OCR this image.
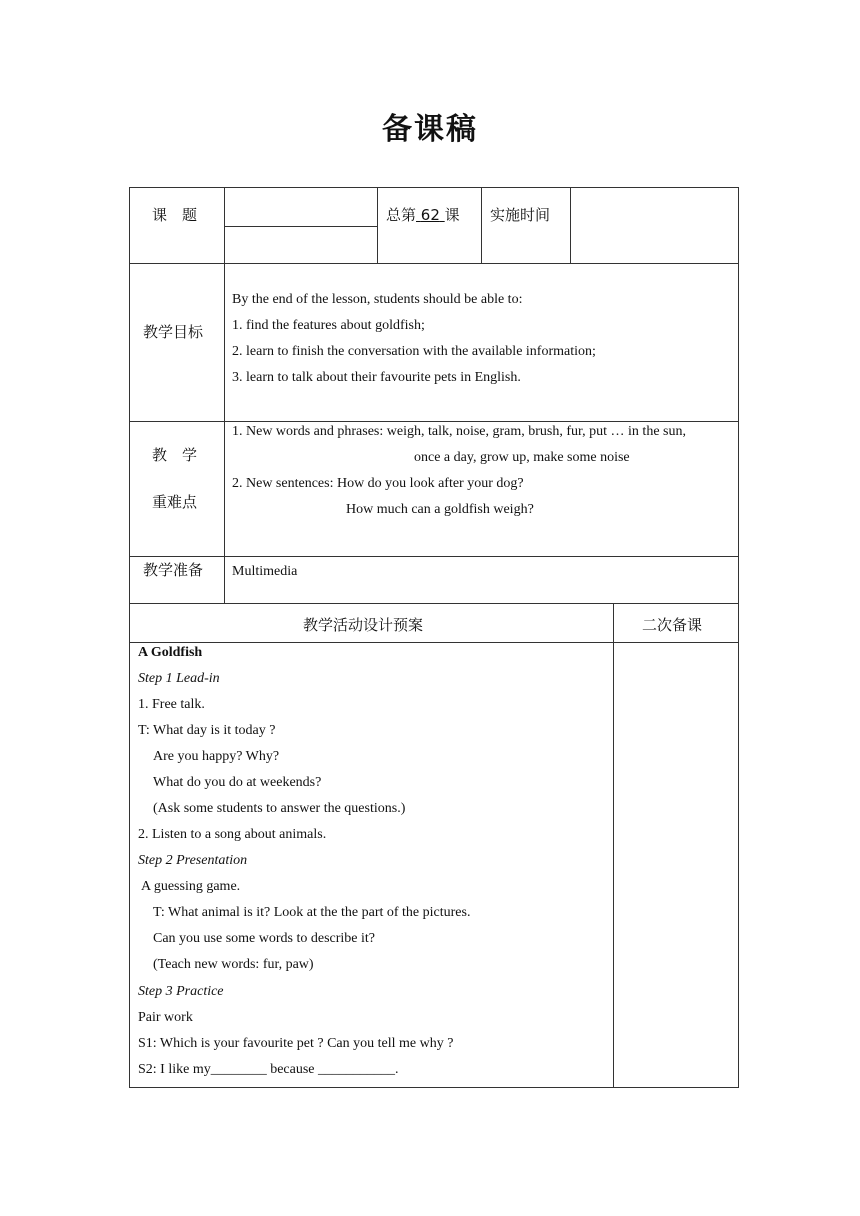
备课稿
课　题	总第 62 课 实施时间
教学目标
By the end of the lesson, students should be able to:
1. find the features about goldfish;
2. learn to finish the conversation with the available information;
3. learn to talk about their favourite pets in English.
教　学
重难点
1. New words and phrases: weigh, talk, noise, gram, brush, fur, put … in the sun,
once a day, grow up, make some noise
2. New sentences: How do you look after your dog?
How much can a goldfish weigh?
教学准备 Multimedia
教学活动设计预案	二次备课
A Goldfish
Step 1 Lead-in
1. Free talk.
T: What day is it today ?
Are you happy? Why?
What do you do at weekends?
(Ask some students to answer the questions.)
2. Listen to a song about animals.
Step 2 Presentation
A guessing game.
T: What animal is it? Look at the the part of the pictures.
Can you use some words to describe it?
(Teach new words: fur, paw)
Step 3 Practice
Pair work
S1: Which is your favourite pet ? Can you tell me why ?
S2: I like my________ because ___________.
